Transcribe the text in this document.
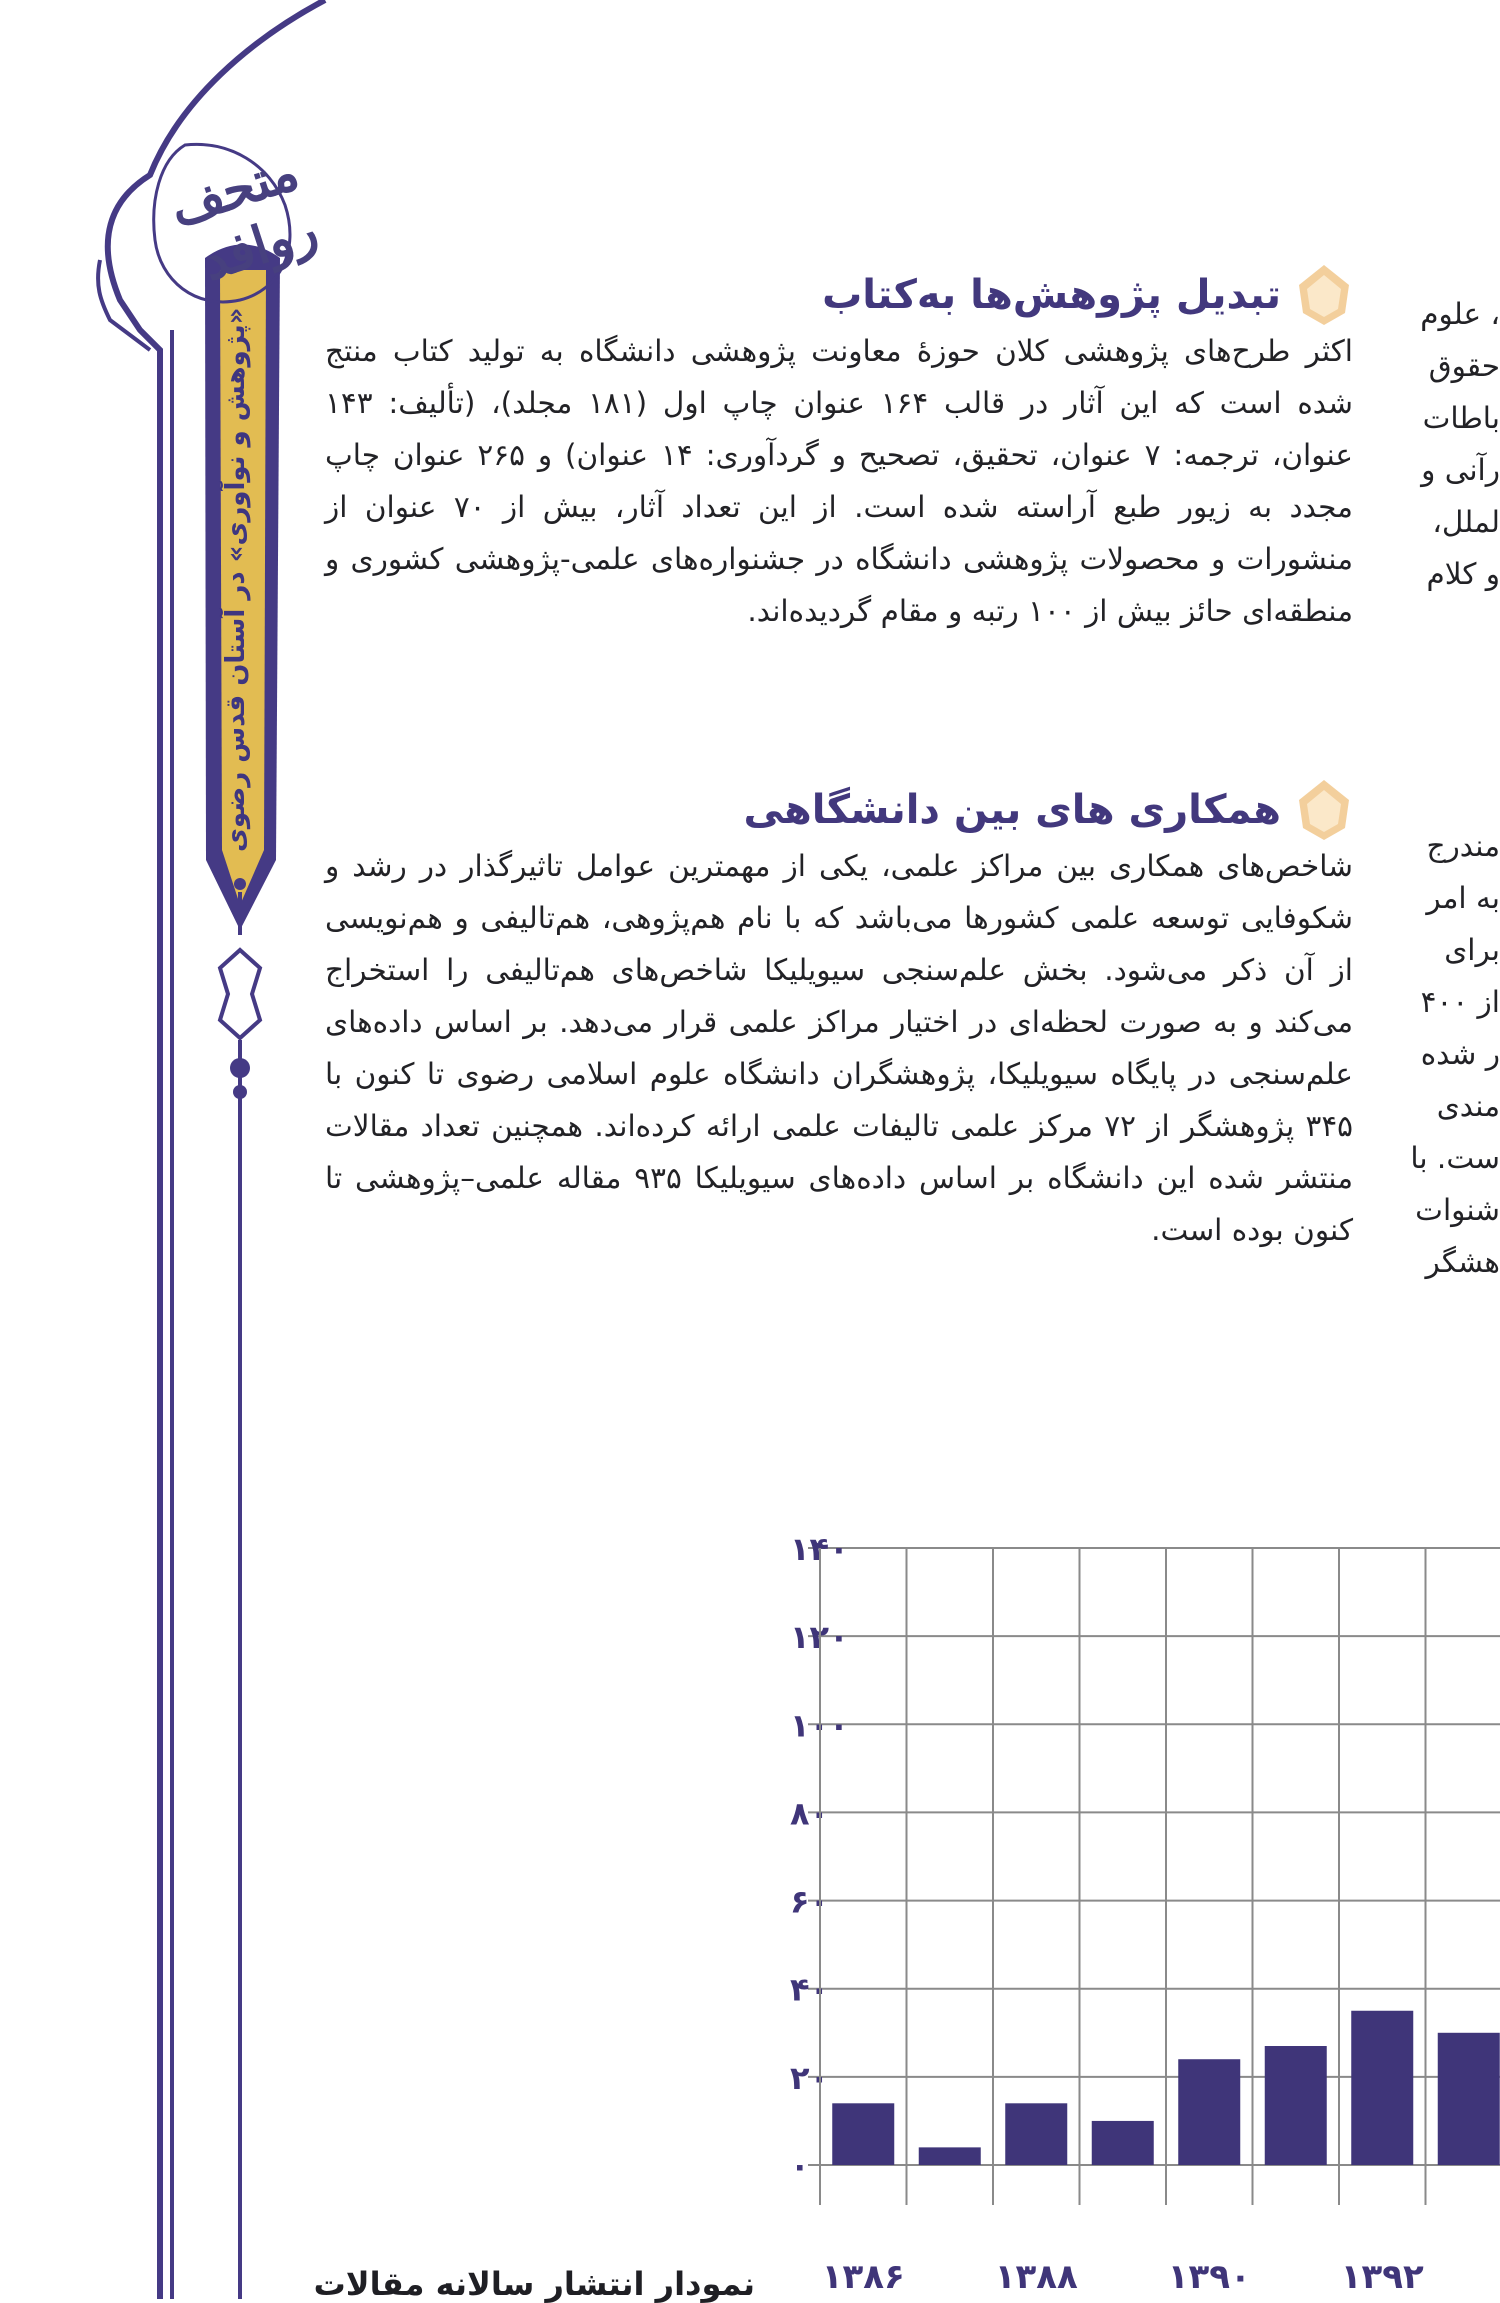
متحف روافد
«پژوهش و نوآوری» در آستان قدس رضوی
تبدیل پژوهش‌ها به‌کتاب

اکثر طرح‌های پژوهشی کلان حوزهٔ معاونت پژوهشی دانشگاه به تولید کتاب منتج شده است که این آثار در قالب ۱۶۴ عنوان چاپ اول (۱۸۱ مجلد)، (تألیف: ۱۴۳ عنوان، ترجمه: ۷ عنوان، تحقیق، تصحیح و گردآوری: ۱۴ عنوان) و ۲۶۵ عنوان چاپ مجدد به زیور طبع آراسته شده است. از این تعداد آثار، بیش از ۷۰ عنوان از منشورات و محصولات پژوهشی دانشگاه در جشنواره‌های علمی-پژوهشی کشوری و منطقه‌ای حائز بیش از ۱۰۰ رتبه و مقام گردیده‌اند.

همکاری های بین دانشگاهی

شاخص‌های همکاری بین مراکز علمی، یکی از مهمترین عوامل تاثیرگذار در رشد و شکوفایی توسعه علمی کشورها می‌باشد که با نام هم‌پژوهی، هم‌تالیفی و هم‌نویسی از آن ذکر می‌شود. بخش علم‌سنجی سیویلیکا شاخص‌های هم‌تالیفی را استخراج می‌کند و به صورت لحظه‌ای در اختیار مراکز علمی قرار می‌دهد. بر اساس داده‌های علم‌سنجی در پایگاه سیویلیکا، پژوهشگران دانشگاه علوم اسلامی رضوی تا کنون با ۳۴۵ پژوهشگر از ۷۲ مرکز علمی تالیفات علمی ارائه کرده‌اند. همچنین تعداد مقالات منتشر شده این دانشگاه بر اساس داده‌های سیویلیکا ۹۳۵ مقاله علمی–پژوهشی تا کنون بوده است.

، علوم
حقوق
باطات
رآنی و
لملل،
و کلام
مندرج
به امر
برای
از ۴۰۰
ر شده
مندی
ست. با
شنوات
هشگر
۰
۲۰
۴۰
۶۰
۸۰
۱۰۰
۱۲۰
۱۴۰
۱۳۸۶	۱۳۸۸	۱۳۹۰	۱۳۹۲
نمودار انتشار سالانه مقالات
